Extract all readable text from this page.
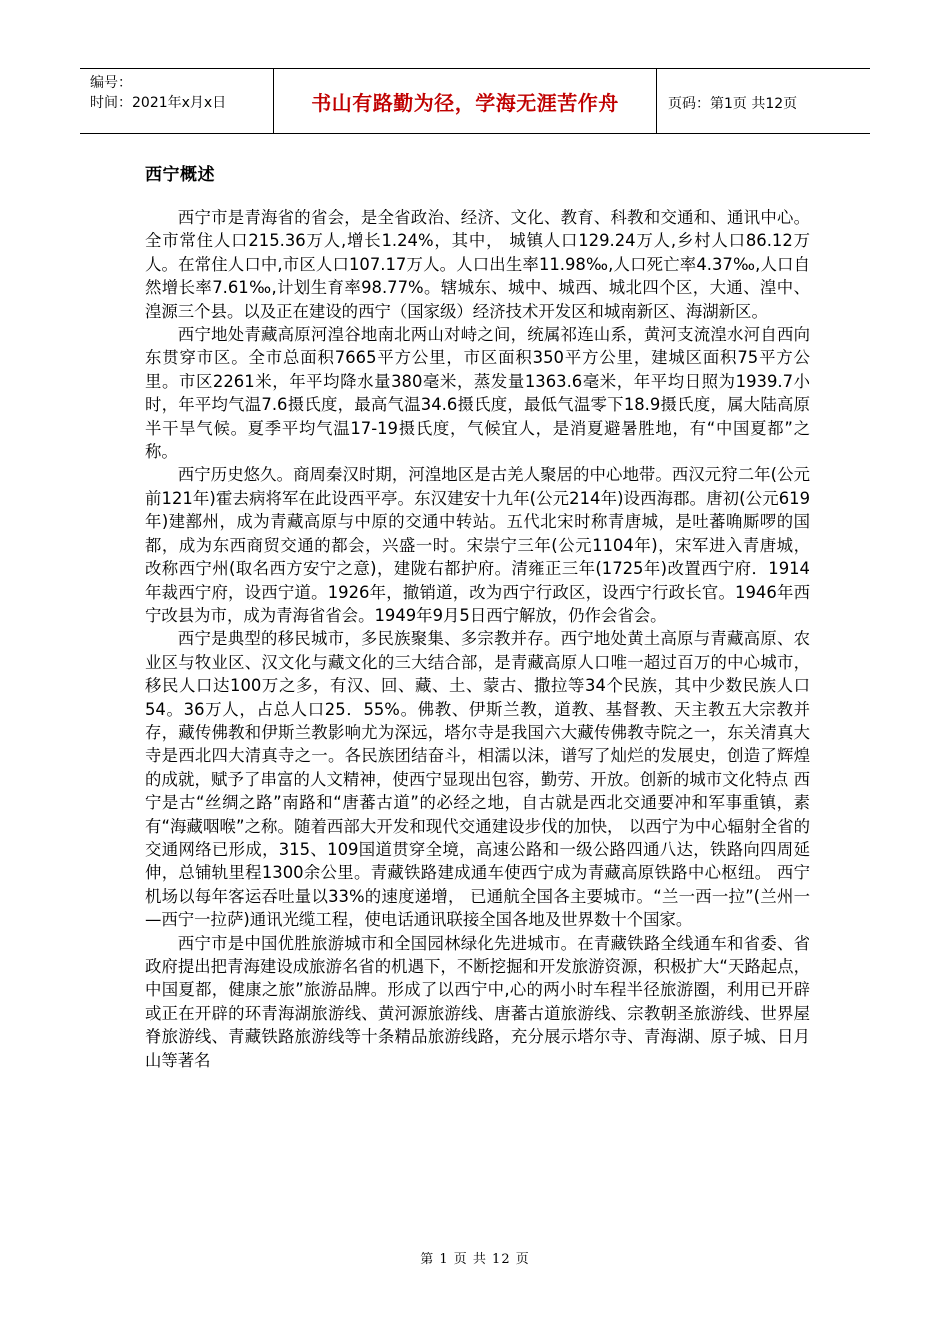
编号：
时间：2021年x月x日	书山有路勤为径，学海无涯苦作舟	页码：第1页 共12页
西宁概述

西宁市是青海省的省会，是全省政治、经济、文化、教育、科教和交通和、通讯中心。全市常住人口215.36万人,增长1.24%，其中， 城镇人口129.24万人,乡村人口86.12万人。在常住人口中,市区人口107.17万人。人口出生率11.98‰,人口死亡率4.37‰,人口自然增长率7.61‰,计划生育率98.77%。辖城东、城中、城西、城北四个区，大通、湟中、湟源三个县。以及正在建设的西宁（国家级）经济技术开发区和城南新区、海湖新区。

西宁地处青藏高原河湟谷地南北两山对峙之间，统属祁连山系，黄河支流湟水河自西向东贯穿市区。全市总面积7665平方公里，市区面积350平方公里，建城区面积75平方公里。市区2261米，年平均降水量380毫米，蒸发量1363.6毫米，年平均日照为1939.7小时，年平均气温7.6摄氏度，最高气温34.6摄氏度，最低气温零下18.9摄氏度，属大陆高原半干旱气候。夏季平均气温17-19摄氏度，气候宜人，是消夏避暑胜地，有“中国夏都”之称。

西宁历史悠久。商周秦汉时期，河湟地区是古羌人聚居的中心地带。西汉元狩二年(公元前121年)霍去病将军在此设西平亭。东汉建安十九年(公元214年)设西海郡。唐初(公元619年)建鄯州，成为青藏高原与中原的交通中转站。五代北宋时称青唐城，是吐蕃唃厮啰的国都，成为东西商贸交通的都会，兴盛一时。宋崇宁三年(公元1104年)，宋军进入青唐城， 改称西宁州(取名西方安宁之意)，建陇右都护府。清雍正三年(1725年)改置西宁府．1914年裁西宁府，设西宁道。1926年，撤销道，改为西宁行政区，设西宁行政长官。1946年西宁改县为市，成为青海省省会。1949年9月5日西宁解放，仍作会省会。

西宁是典型的移民城市，多民族聚集、多宗教并存。西宁地处黄土高原与青藏高原、农业区与牧业区、汉文化与藏文化的三大结合部，是青藏高原人口唯一超过百万的中心城市，移民人口达100万之多，有汉、回、藏、土、蒙古、撒拉等34个民族，其中少数民族人口54。36万人，占总人口25．55%。佛教、伊斯兰教，道教、基督教、天主教五大宗教并存，藏传佛教和伊斯兰教影响尤为深远，塔尔寺是我国六大藏传佛教寺院之一，东关清真大寺是西北四大清真寺之一。各民族团结奋斗，相濡以沫，谱写了灿烂的发展史，创造了辉煌的成就，赋予了串富的人文精神，使西宁显现出包容，勤劳、开放。创新的城市文化特点 西宁是古“丝绸之路”南路和“唐蕃古道”的必经之地，自古就是西北交通要冲和军事重镇，素有“海藏咽喉”之称。随着西部大开发和现代交通建设步伐的加快， 以西宁为中心辐射全省的交通网络已形成，315、109国道贯穿全境，高速公路和一级公路四通八达，铁路向四周延伸，总铺轨里程1300余公里。青藏铁路建成通车使西宁成为青藏高原铁路中心枢纽。 西宁机场以每年客运吞吐量以33%的速度递增， 已通航全国各主要城市。“兰一西一拉”(兰州一—西宁一拉萨)通讯光缆工程，使电话通讯联接全国各地及世界数十个国家。

西宁市是中国优胜旅游城市和全国园林绿化先进城市。在青藏铁路全线通车和省委、省政府提出把青海建设成旅游名省的机遇下，不断挖掘和开发旅游资源，积极扩大“天路起点， 中国夏都，健康之旅”旅游品牌。形成了以西宁中,心的两小时车程半径旅游圈，利用已开辟或正在开辟的环青海湖旅游线、黄河源旅游线、唐蕃古道旅游线、宗教朝圣旅游线、世界屋脊旅游线、青藏铁路旅游线等十条精品旅游线路，充分展示塔尔寺、青海湖、原子城、日月山等著名

第 1 页 共 12 页
